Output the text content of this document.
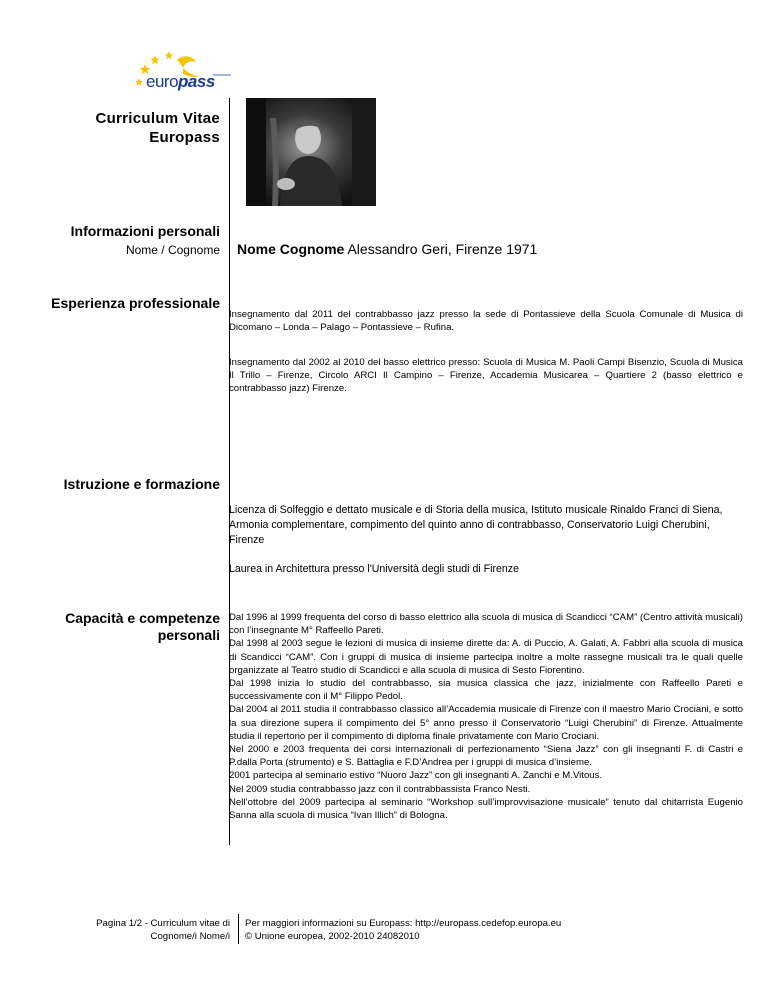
europass
Curriculum Vitae
Europass
Informazioni personali
Nome / Cognome Nome Cognome Alessandro Geri, Firenze 1971
Esperienza professionale
Insegnamento dal 2011 del contrabbasso jazz presso la sede di Pontassieve della Scuola Comunale di Musica di Dicomano – Londa – Palago – Pontassieve – Rufina.
Insegnamento dal 2002 al 2010 del basso elettrico presso: Scuola di Musica M. Paoli Campi Bisenzio, Scuola di Musica Il Trillo – Firenze, Circolo ARCI Il Campino – Firenze, Accademia Musicarea – Quartiere 2 (basso elettrico e contrabbasso jazz) Firenze.
Istruzione e formazione
Licenza di Solfeggio e dettato musicale e di Storia della musica, Istituto musicale Rinaldo Franci di Siena, Armonia complementare, compimento del quinto anno di contrabbasso, Conservatorio Luigi Cherubini, Firenze
Laurea in Architettura presso l'Università degli studi di Firenze
Capacità e competenze
personali

Dal 1996 al 1999 frequenta del corso di basso elettrico alla scuola di musica di Scandicci “CAM” (Centro attività musicali) con l’insegnante M° Raffeello Pareti.

Dal 1998 al 2003 segue le lezioni di musica di insieme dirette da: A. di Puccio, A. Galati, A. Fabbri alla scuola di musica di Scandicci “CAM”. Con i gruppi di musica di insieme partecipa inoltre a molte rassegne musicali tra le quali quelle organizzate al Teatro studio di Scandicci e alla scuola di musica di Sesto Fiorentino.

Dal 1998 inizia lo studio del contrabbasso, sia musica classica che jazz, inizialmente con Raffeello Pareti e successivamente con il M° Filippo Pedol.

Dal 2004 al 2011 studia il contrabbasso classico all’Accademia musicale di Firenze con il maestro Mario Crociani, e sotto la sua direzione supera il compimento del 5° anno presso il Conservatorio “Luigi Cherubini” di Firenze. Attualmente studia il repertorio per il compimento di diploma finale privatamente con Mario Crociani.

Nel 2000 e 2003 frequenta dei corsi internazionali di perfezionamento “Siena Jazz” con gli insegnanti F. di Castri e P.dalla Porta (strumento) e S. Battaglia e F.D’Andrea per i gruppi di musica d’insieme.

2001 partecipa al seminario estivo “Nuoro Jazz” con gli insegnanti A. Zanchi e M.Vitous.

Nel 2009 studia contrabbasso jazz con il contrabbassista Franco Nesti.

Nell’ottobre del 2009 partecipa al seminario “Workshop sull’improvvisazione musicale” tenuto dal chitarrista Eugenio Sanna alla scuola di musica “Ivan Illich” di Bologna.

Pagina 1/2 - Curriculum vitae di
Cognome/i Nome/i
Per maggiori informazioni su Europass: http://europass.cedefop.europa.eu
© Unione europea, 2002-2010 24082010
